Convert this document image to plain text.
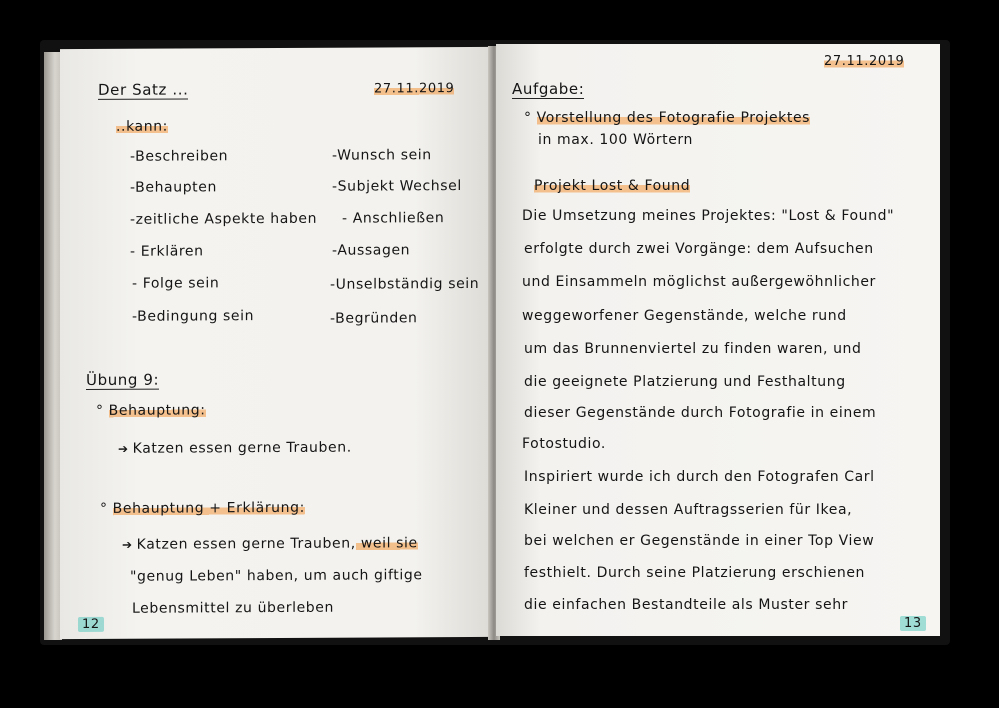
Der Satz ...	27.11.2019
..kann:
-Beschreiben
-Behaupten
-zeitliche Aspekte haben
- Erklären
- Folge sein
-Bedingung sein
-Wunsch sein
-Subjekt Wechsel
- Anschließen
-Aussagen
-Unselbständig sein
-Begründen
Übung 9:
° Behauptung:
➔ Katzen essen gerne Trauben.
° Behauptung + Erklärung:
➔ Katzen essen gerne Trauben, weil sie
"genug Leben" haben, um auch giftige
Lebensmittel zu überleben
12
27.11.2019
Aufgabe:
° Vorstellung des Fotografie Projektes
in max. 100 Wörtern
Projekt Lost & Found
Die Umsetzung meines Projektes: "Lost & Found"
erfolgte durch zwei Vorgänge: dem Aufsuchen
und Einsammeln möglichst außergewöhnlicher
weggeworfener Gegenstände, welche rund
um das Brunnenviertel zu finden waren, und
die geeignete Platzierung und Festhaltung
dieser Gegenstände durch Fotografie in einem
Fotostudio.
Inspiriert wurde ich durch den Fotografen Carl
Kleiner und dessen Auftragsserien für Ikea,
bei welchen er Gegenstände in einer Top View
festhielt. Durch seine Platzierung erschienen
die einfachen Bestandteile als Muster sehr
13
